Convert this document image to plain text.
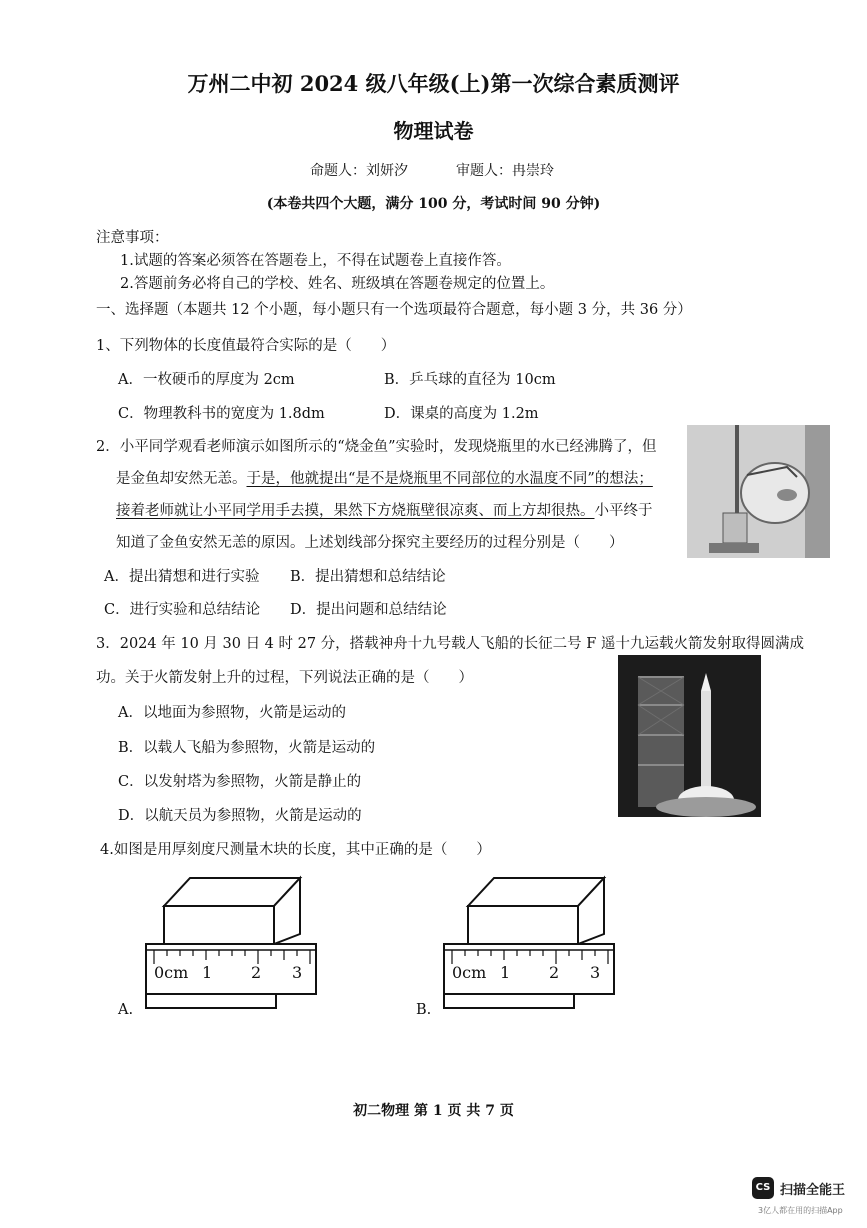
万州二中初 2024 级八年级(上)第一次综合素质测评
物理试卷
命题人：刘妍汐	审题人：冉崇玲
(本卷共四个大题，满分 100 分，考试时间 90 分钟)
注意事项：
1.试题的答案必须答在答题卷上，不得在试题卷上直接作答。
2.答题前务必将自己的学校、姓名、班级填在答题卷规定的位置上。
一、选择题（本题共 12 个小题，每小题只有一个选项最符合题意，每小题 3 分，共 36 分）
1、下列物体的长度值最符合实际的是（　　）
A．一枚硬币的厚度为 2cm	B．乒乓球的直径为 10cm
C．物理教科书的宽度为 1.8dm	D．课桌的高度为 1.2m
2．小平同学观看老师演示如图所示的“烧金鱼”实验时，发现烧瓶里的水已经沸腾了，但
是金鱼却安然无恙。于是，他就提出“是不是烧瓶里不同部位的水温度不同”的想法；
接着老师就让小平同学用手去摸，果然下方烧瓶壁很凉爽、而上方却很热。小平终于
知道了金鱼安然无恙的原因。上述划线部分探究主要经历的过程分别是（　　）
A．提出猜想和进行实验 B．提出猜想和总结结论
C．进行实验和总结结论 D．提出问题和总结结论
3．2024 年 10 月 30 日 4 时 27 分，搭载神舟十九号载人飞船的长征二号 F 遥十九运载火箭发射取得圆满成
功。关于火箭发射上升的过程，下列说法正确的是（　　）
A．以地面为参照物，火箭是运动的
B．以载人飞船为参照物，火箭是运动的
C．以发射塔为参照物，火箭是静止的
D．以航天员为参照物，火箭是运动的
4.如图是用厚刻度尺测量木块的长度，其中正确的是（　　）
0cm 1 2 3
A.
0cm 1 2 3
B.
初二物理 第 1 页 共 7 页
CS 扫描全能王
3亿人都在用的扫描App
